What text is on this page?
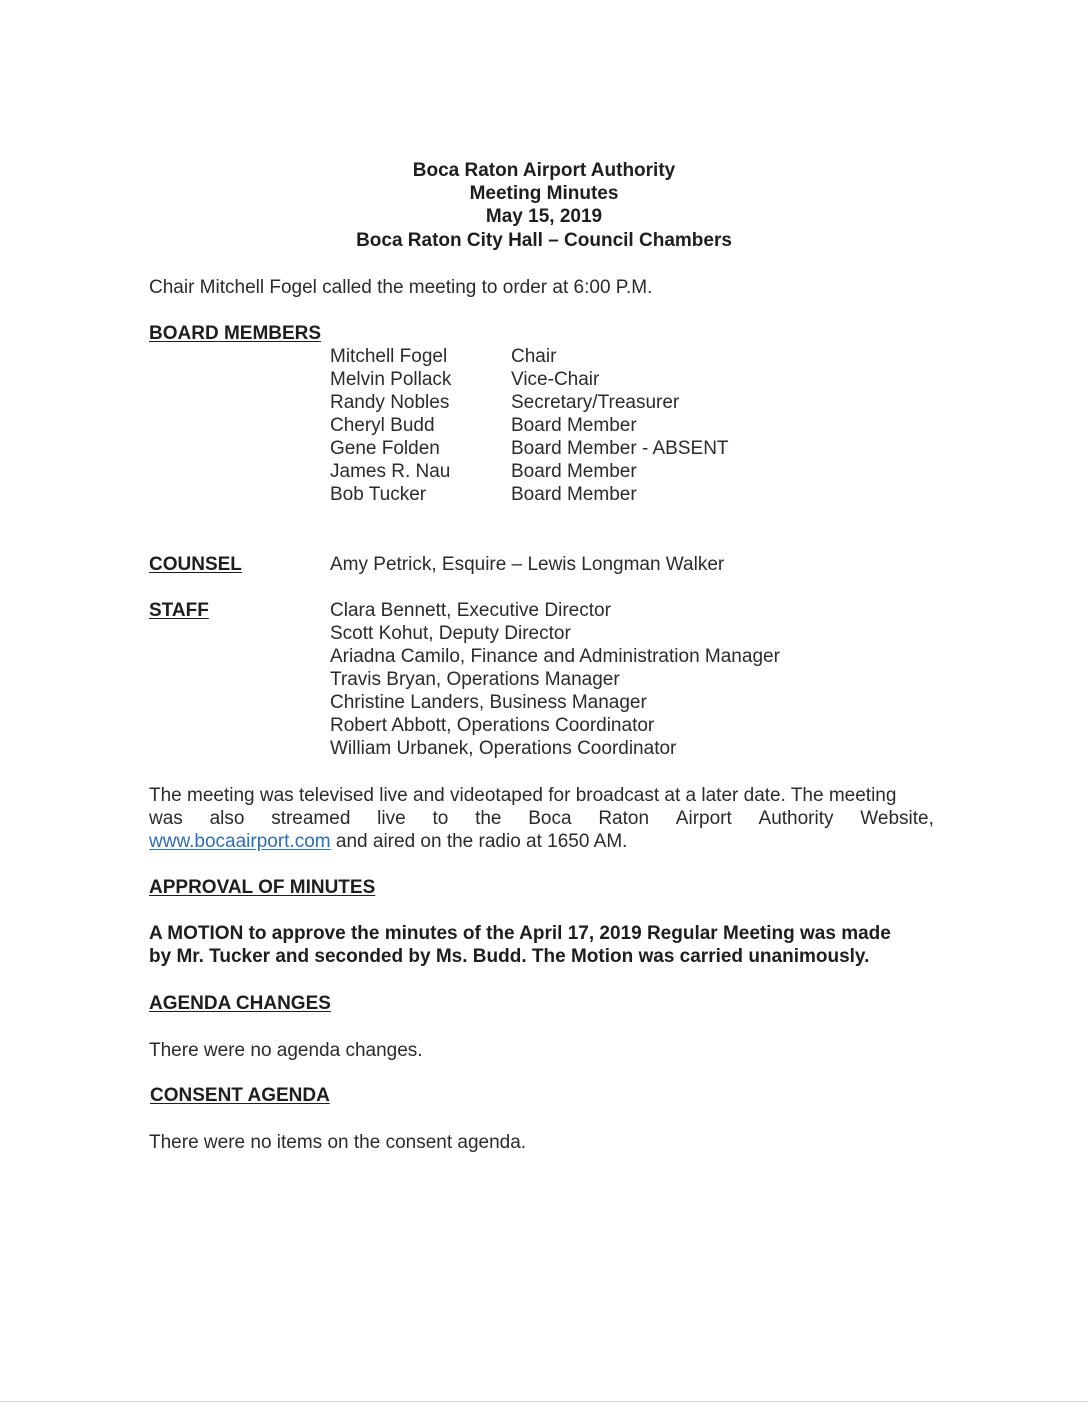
Boca Raton Airport Authority
Meeting Minutes
May 15, 2019
Boca Raton City Hall – Council Chambers
Chair Mitchell Fogel called the meeting to order at 6:00 P.M.
BOARD MEMBERS
Mitchell Fogel	Chair
Melvin Pollack	Vice-Chair
Randy Nobles	Secretary/Treasurer
Cheryl Budd	Board Member
Gene Folden	Board Member - ABSENT
James R. Nau	Board Member
Bob Tucker	Board Member
COUNSEL	Amy Petrick, Esquire – Lewis Longman Walker
STAFF	Clara Bennett, Executive Director
Scott Kohut, Deputy Director
Ariadna Camilo, Finance and Administration Manager
Travis Bryan, Operations Manager
Christine Landers, Business Manager
Robert Abbott, Operations Coordinator
William Urbanek, Operations Coordinator
The meeting was televised live and videotaped for broadcast at a later date. The meeting
was also streamed live to the Boca Raton Airport Authority Website,
www.bocaairport.com and aired on the radio at 1650 AM.
APPROVAL OF MINUTES
A MOTION to approve the minutes of the April 17, 2019 Regular Meeting was made
by Mr. Tucker and seconded by Ms. Budd. The Motion was carried unanimously.
AGENDA CHANGES
There were no agenda changes.
CONSENT AGENDA
There were no items on the consent agenda.
